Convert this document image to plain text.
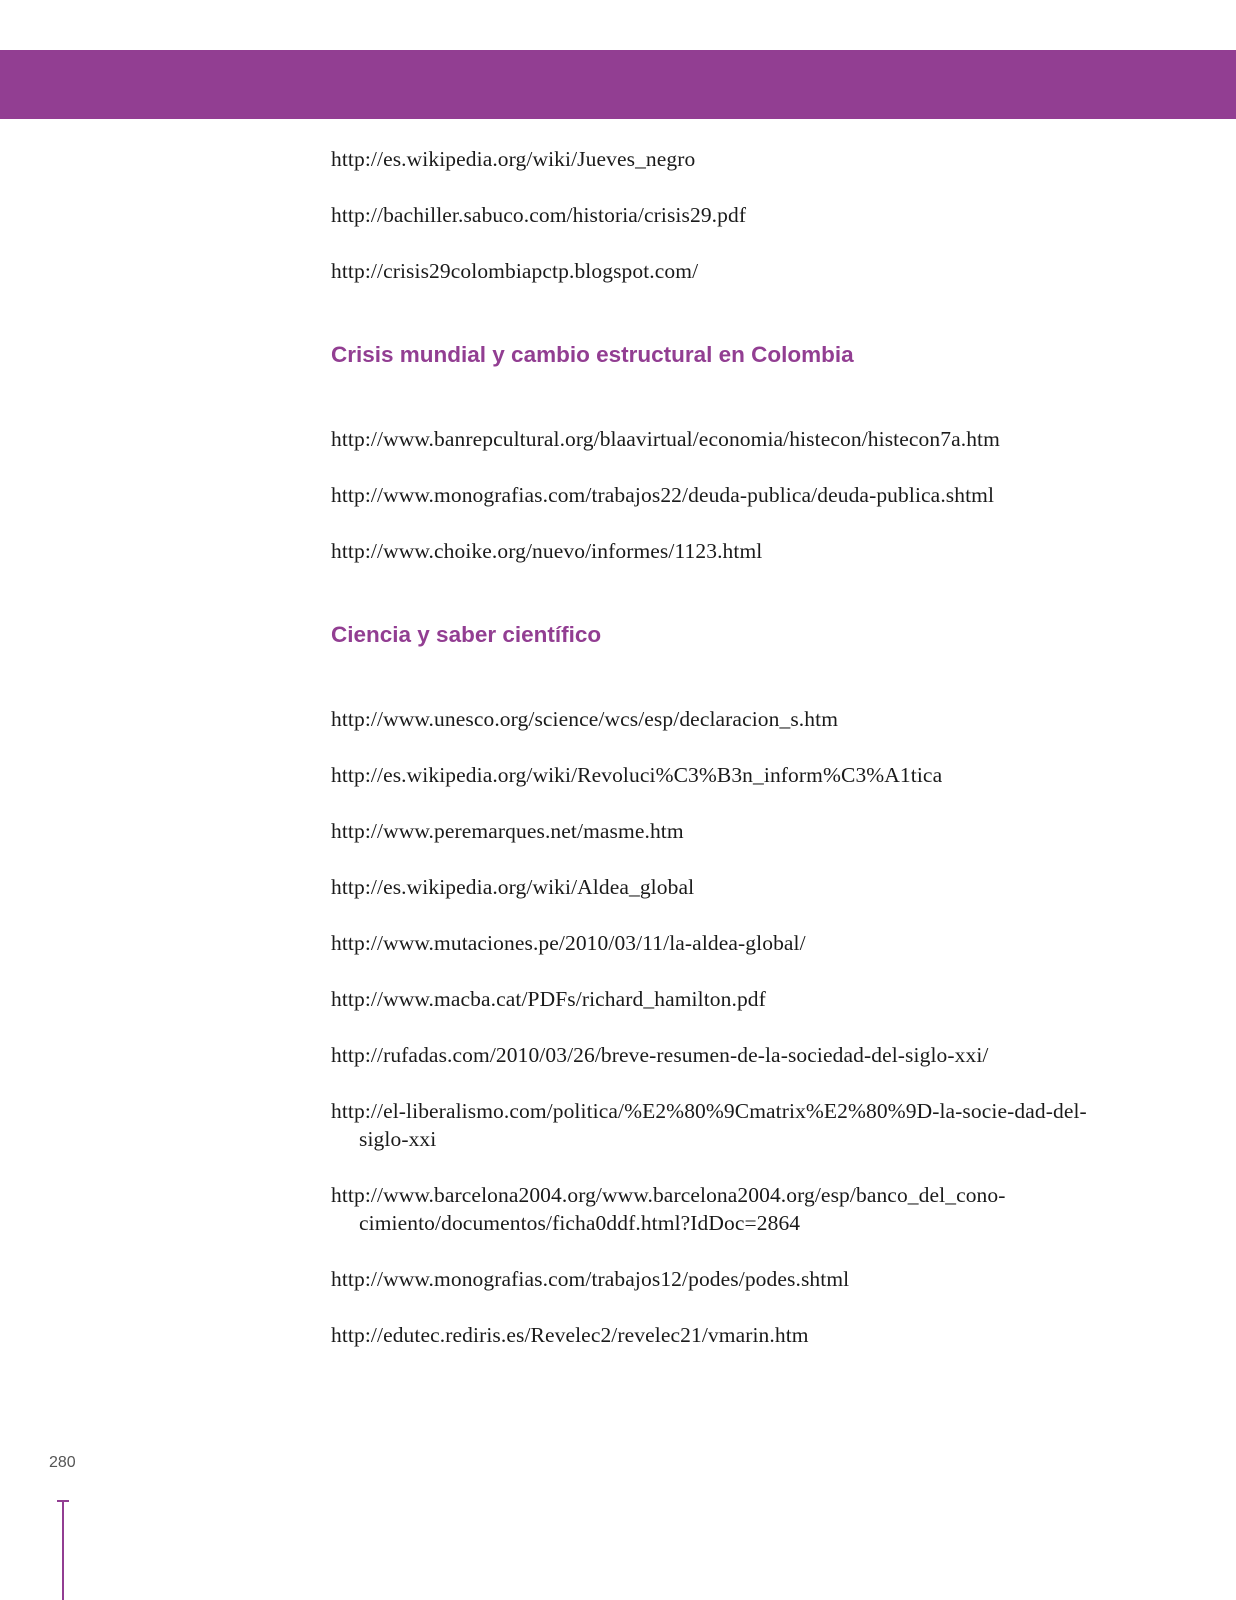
http://es.wikipedia.org/wiki/Jueves_negro
http://bachiller.sabuco.com/historia/crisis29.pdf
http://crisis29colombiapctp.blogspot.com/
Crisis mundial y cambio estructural en Colombia
http://www.banrepcultural.org/blaavirtual/economia/histecon/histecon7a.htm
http://www.monografias.com/trabajos22/deuda-publica/deuda-publica.shtml
http://www.choike.org/nuevo/informes/1123.html
Ciencia y saber científico
http://www.unesco.org/science/wcs/esp/declaracion_s.htm
http://es.wikipedia.org/wiki/Revoluci%C3%B3n_inform%C3%A1tica
http://www.peremarques.net/masme.htm
http://es.wikipedia.org/wiki/Aldea_global
http://www.mutaciones.pe/2010/03/11/la-aldea-global/
http://www.macba.cat/PDFs/richard_hamilton.pdf
http://rufadas.com/2010/03/26/breve-resumen-de-la-sociedad-del-siglo-xxi/
http://el-liberalismo.com/politica/%E2%80%9Cmatrix%E2%80%9D-la-socie-dad-del-siglo-xxi
http://www.barcelona2004.org/www.barcelona2004.org/esp/banco_del_cono-cimiento/documentos/ficha0ddf.html?IdDoc=2864
http://www.monografias.com/trabajos12/podes/podes.shtml
http://edutec.rediris.es/Revelec2/revelec21/vmarin.htm
280
